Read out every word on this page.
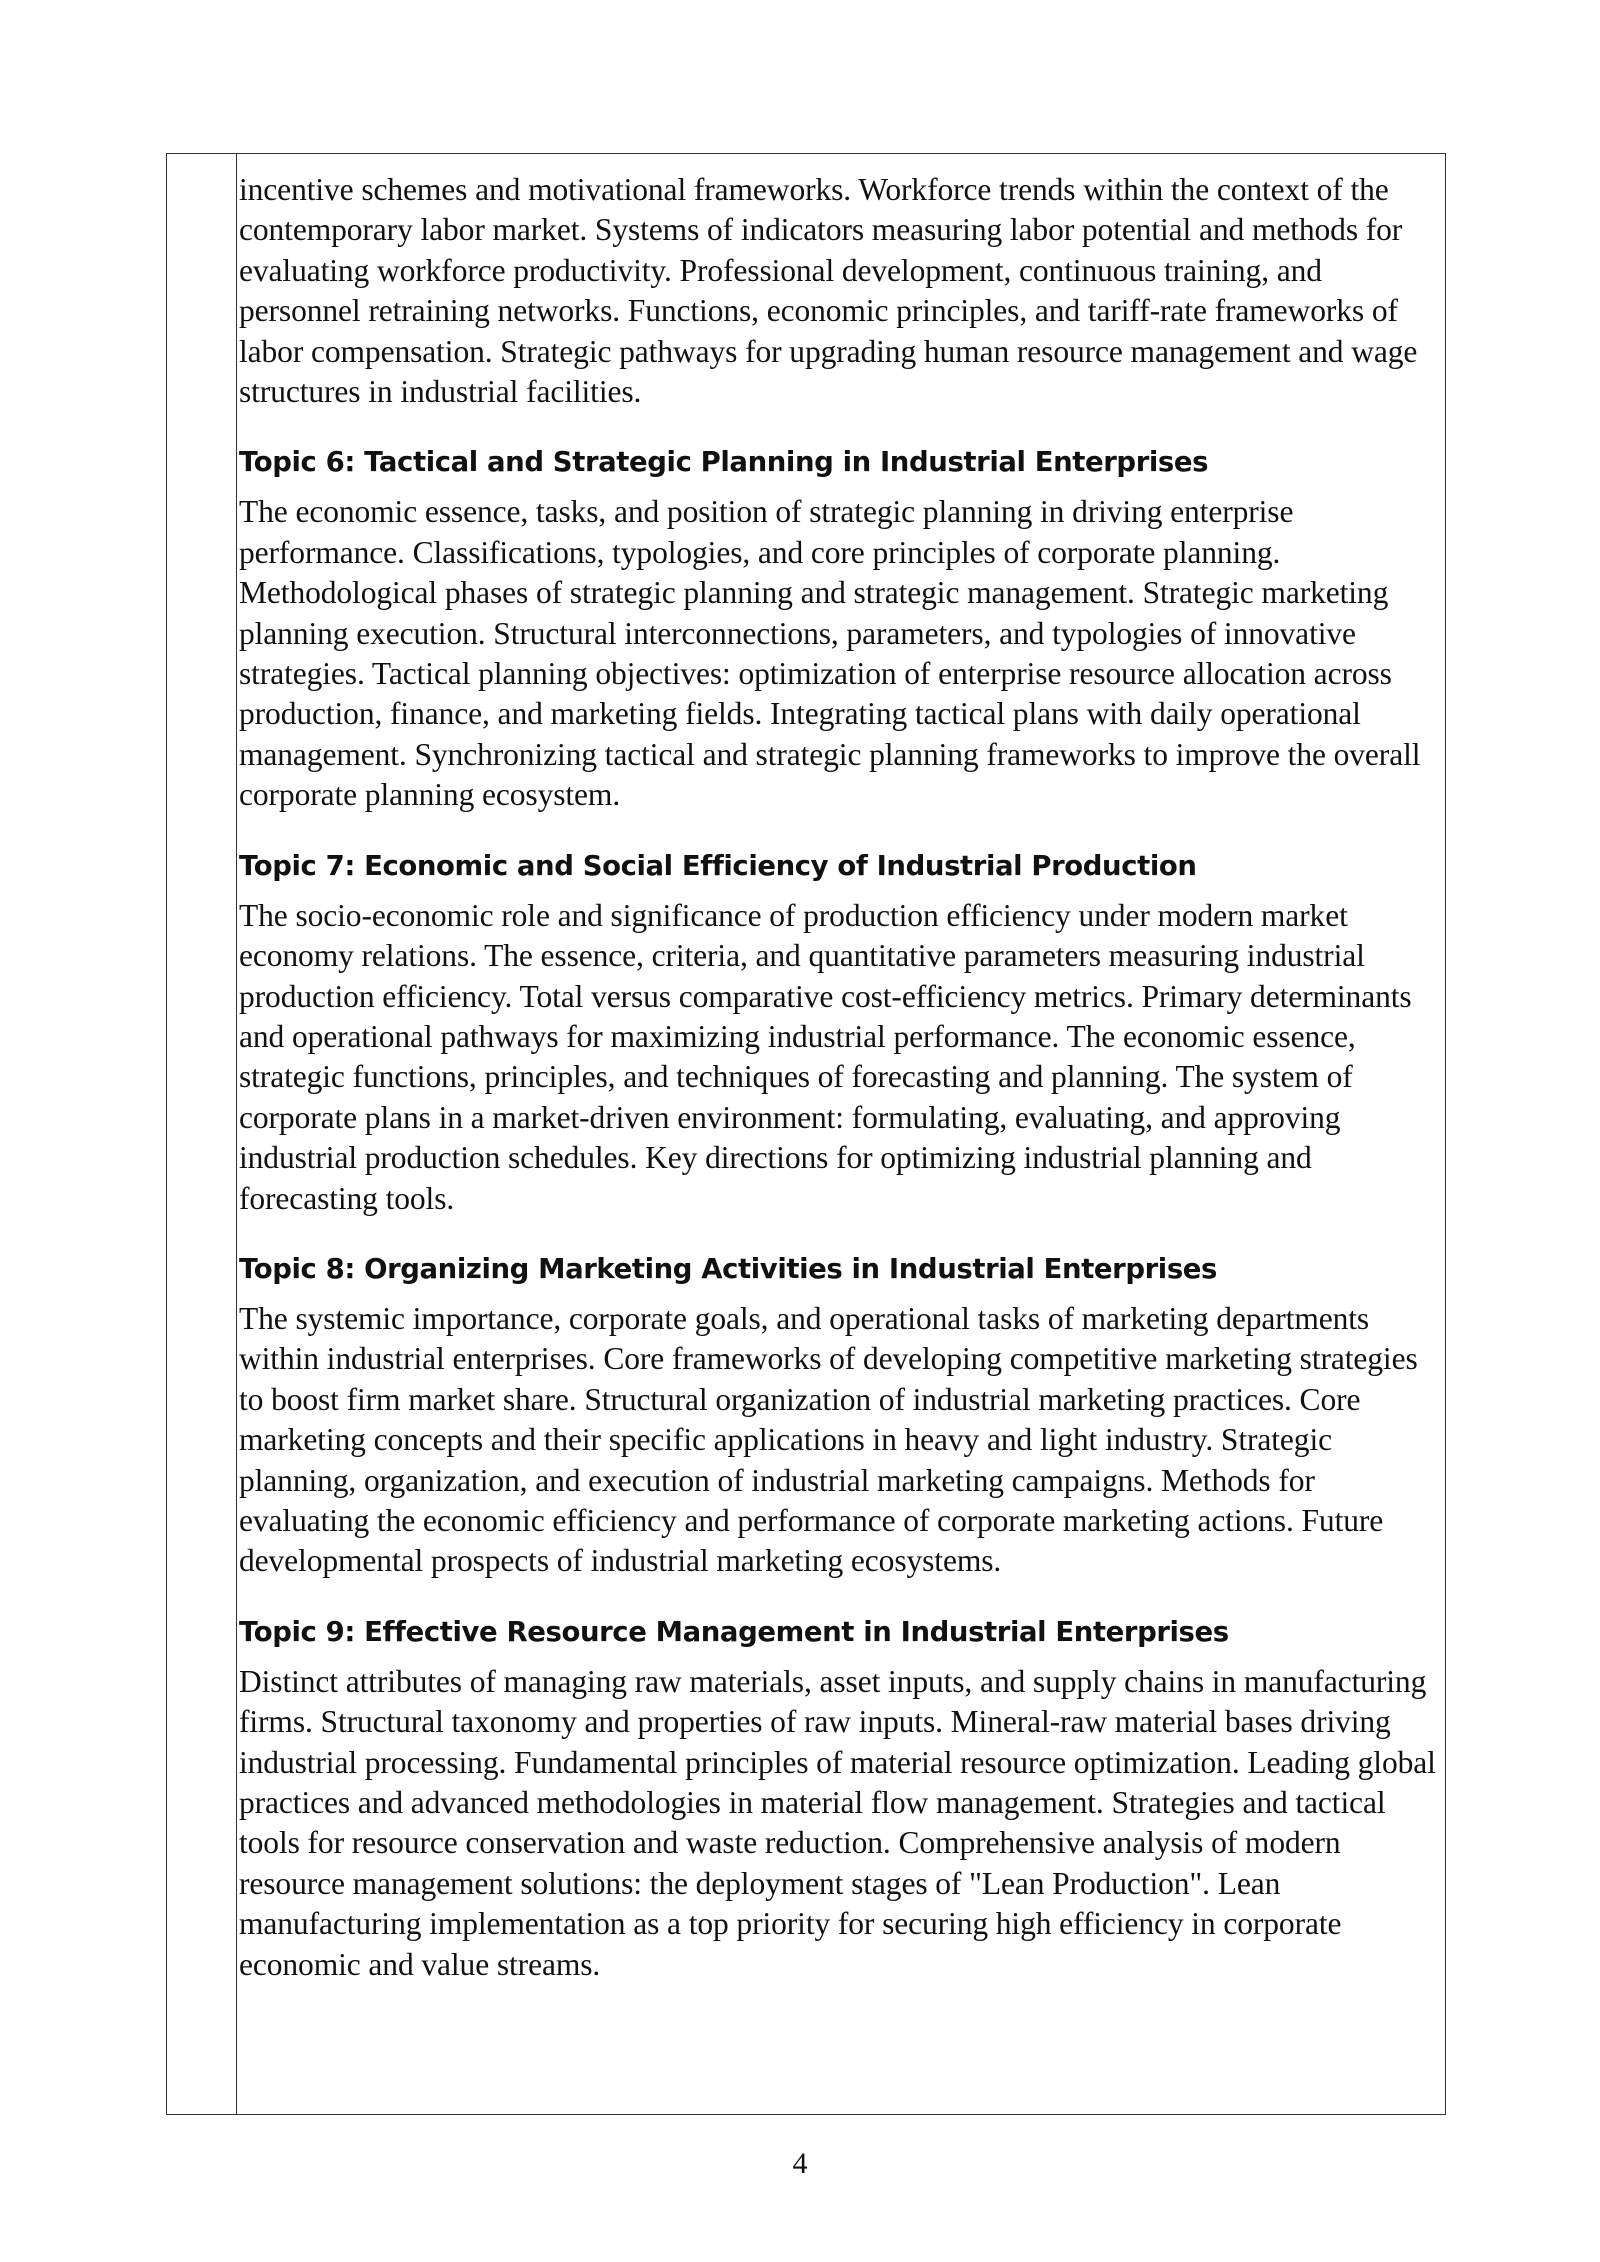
incentive schemes and motivational frameworks. Workforce trends within the context of the contemporary labor market. Systems of indicators measuring labor potential and methods for evaluating workforce productivity. Professional development, continuous training, and personnel retraining networks. Functions, economic principles, and tariff-rate frameworks of labor compensation. Strategic pathways for upgrading human resource management and wage structures in industrial facilities.

Topic 6: Tactical and Strategic Planning in Industrial Enterprises

The economic essence, tasks, and position of strategic planning in driving enterprise performance. Classifications, typologies, and core principles of corporate planning. Methodological phases of strategic planning and strategic management. Strategic marketing planning execution. Structural interconnections, parameters, and typologies of innovative strategies. Tactical planning objectives: optimization of enterprise resource allocation across production, finance, and marketing fields. Integrating tactical plans with daily operational management. Synchronizing tactical and strategic planning frameworks to improve the overall corporate planning ecosystem.

Topic 7: Economic and Social Efficiency of Industrial Production

The socio-economic role and significance of production efficiency under modern market economy relations. The essence, criteria, and quantitative parameters measuring industrial production efficiency. Total versus comparative cost-efficiency metrics. Primary determinants and operational pathways for maximizing industrial performance. The economic essence, strategic functions, principles, and techniques of forecasting and planning. The system of corporate plans in a market-driven environment: formulating, evaluating, and approving industrial production schedules. Key directions for optimizing industrial planning and forecasting tools.

Topic 8: Organizing Marketing Activities in Industrial Enterprises

The systemic importance, corporate goals, and operational tasks of marketing departments within industrial enterprises. Core frameworks of developing competitive marketing strategies to boost firm market share. Structural organization of industrial marketing practices. Core marketing concepts and their specific applications in heavy and light industry. Strategic planning, organization, and execution of industrial marketing campaigns. Methods for evaluating the economic efficiency and performance of corporate marketing actions. Future developmental prospects of industrial marketing ecosystems.

Topic 9: Effective Resource Management in Industrial Enterprises

Distinct attributes of managing raw materials, asset inputs, and supply chains in manufacturing firms. Structural taxonomy and properties of raw inputs. Mineral-raw material bases driving industrial processing. Fundamental principles of material resource optimization. Leading global practices and advanced methodologies in material flow management. Strategies and tactical tools for resource conservation and waste reduction. Comprehensive analysis of modern resource management solutions: the deployment stages of "Lean Production". Lean manufacturing implementation as a top priority for securing high efficiency in corporate economic and value streams.

4
